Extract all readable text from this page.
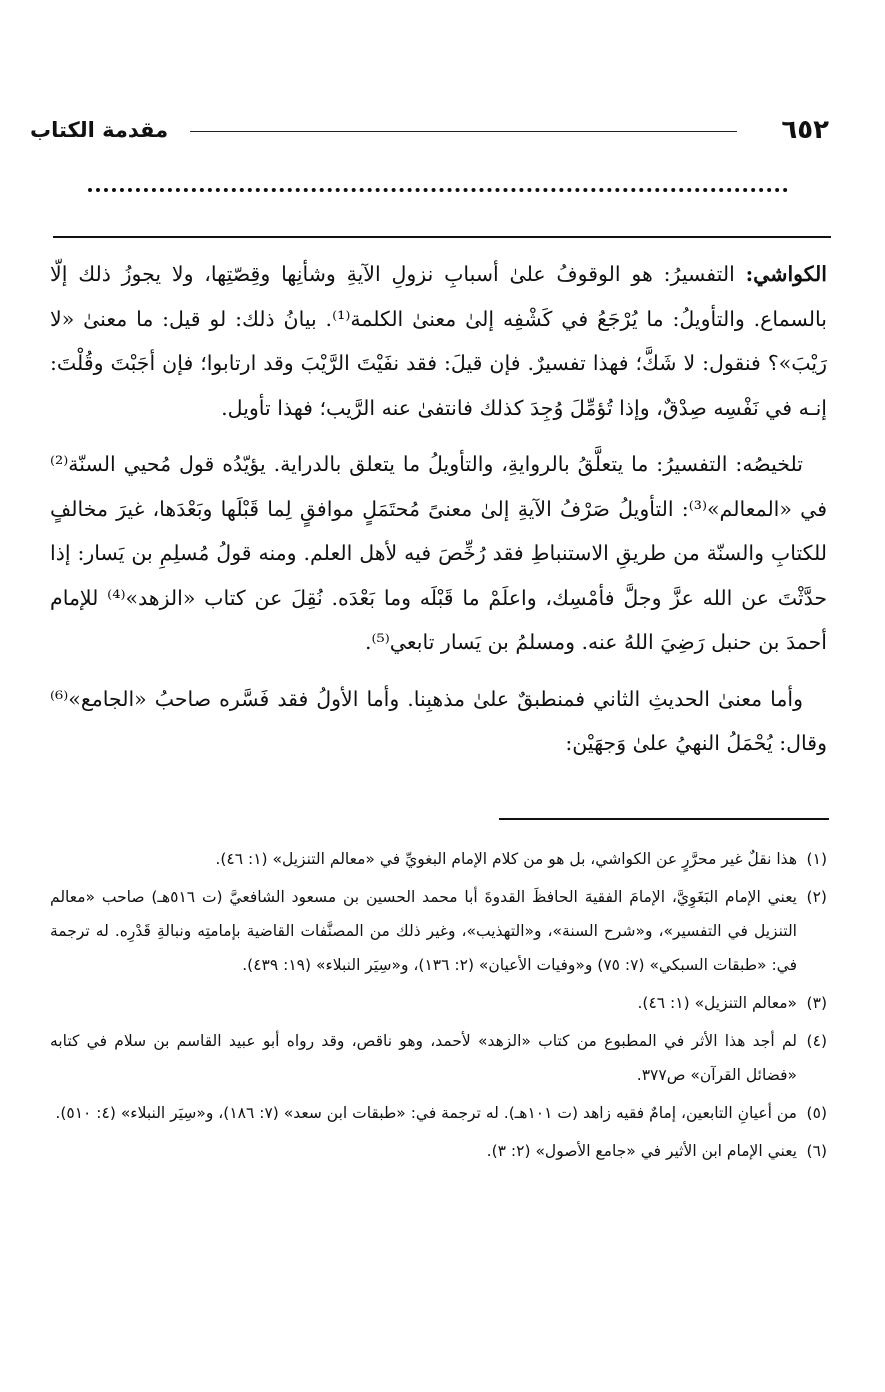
٦٥٢
مقدمة الكتاب

الكواشي: التفسيرُ: هو الوقوفُ علىٰ أسبابِ نزولِ الآيةِ وشأنِها وقِصّتِها، ولا يجوزُ ذلك إلّا بالسماع. والتأويلُ: ما يُرْجَعُ في كَشْفِه إلىٰ معنىٰ الكلمة⁽¹⁾. بيانُ ذلك: لو قيل: ما معنىٰ «لا رَيْبَ»؟ فنقول: لا شَكَّ؛ فهذا تفسيرٌ. فإن قيلَ: فقد نفَيْتَ الرَّيْبَ وقد ارتابوا؛ فإن أجَبْتَ وقُلْتَ: إنـه في نَفْسِه صِدْقٌ، وإذا تُؤمِّلَ وُجِدَ كذلك فانتفىٰ عنه الرَّيب؛ فهذا تأويل.

تلخيصُه: التفسيرُ: ما يتعلَّقُ بالروايةِ، والتأويلُ ما يتعلق بالدراية. يؤيّدُه قول مُحيي السنّة⁽²⁾ في «المعالم»⁽³⁾: التأويلُ صَرْفُ الآيةِ إلىٰ معنىً مُحتَمَلٍ موافقٍ لِما قَبْلَها وبَعْدَها، غيرَ مخالفٍ للكتابِ والسنّة من طريقِ الاستنباطِ فقد رُخِّصَ فيه لأهل العلم. ومنه قولُ مُسلِمِ بن يَسار: إذا حدَّثْتَ عن الله عزَّ وجلَّ فأمْسِك، واعلَمْ ما قَبْلَه وما بَعْدَه. نُقِلَ عن كتاب «الزهد»⁽⁴⁾ للإمام أحمدَ بن حنبل رَضِيَ اللهُ عنه. ومسلمُ بن يَسار تابعي⁽⁵⁾.

وأما معنىٰ الحديثِ الثاني فمنطبقٌ علىٰ مذهبِنا. وأما الأولُ فقد فَسَّره صاحبُ «الجامع»⁽⁶⁾ وقال: يُحْمَلُ النهيُ علىٰ وَجهَيْن:

(١)هذا نقلٌ غير محرَّرٍ عن الكواشي، بل هو من كلام الإمام البغويِّ في «معالم التنزيل» (١: ٤٦).

(٢)يعني الإمام البَغَوِيَّ، الإمامَ الفقيهَ الحافظَ القدوةَ أبا محمد الحسين بن مسعود الشافعيَّ (ت ٥١٦هـ) صاحب «معالم التنزيل في التفسير»، و«شرح السنة»، و«التهذيب»، وغير ذلك من المصنَّفات القاضية بإمامتِه ونبالةِ قَدْرِه. له ترجمة في: «طبقات السبكي» (٧: ٧٥) و«وفيات الأعيان» (٢: ١٣٦)، و«سِيَر النبلاء» (١٩: ٤٣٩).

(٣)«معالم التنزيل» (١: ٤٦).

(٤)لم أجد هذا الأثر في المطبوع من كتاب «الزهد» لأحمد، وهو ناقص، وقد رواه أبو عبيد القاسم بن سلام في كتابه «فضائل القرآن» ص٣٧٧.

(٥)من أعيانِ التابعين، إمامٌ فقيه زاهد (ت ١٠١هـ). له ترجمة في: «طبقات ابن سعد» (٧: ١٨٦)، و«سِيَر النبلاء» (٤: ٥١٠).

(٦)يعني الإمام ابن الأثير في «جامع الأصول» (٢: ٣).
